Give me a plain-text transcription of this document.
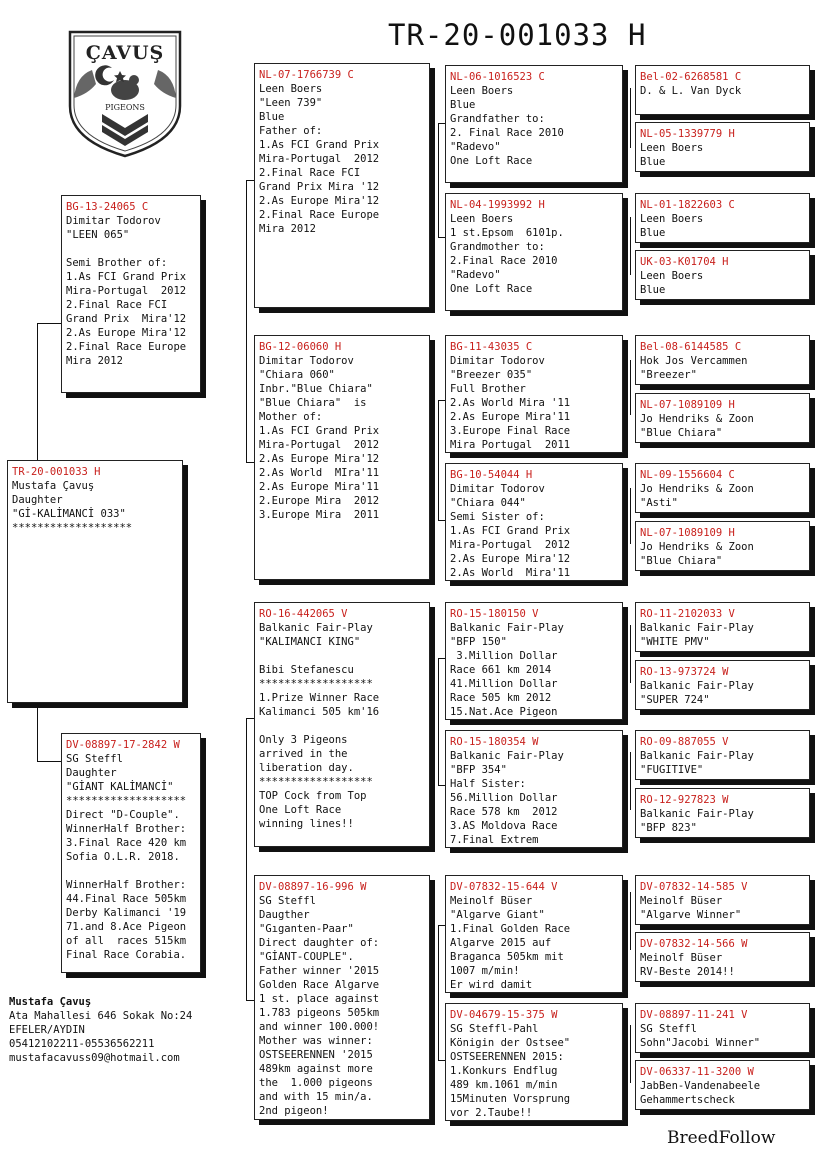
TR-20-001033 H
ÇAVUŞ
PIGEONS
TR-20-001033 H
Mustafa Çavuş
Daughter
"Gİ-KALİMANCİ 033"
*******************
BG-13-24065 C
Dimitar Todorov
"LEEN 065"

Semi Brother of:
1.As FCI Grand Prix
Mira-Portugal  2012
2.Final Race FCI
Grand Prix  Mira'12
2.As Europe Mira'12
2.Final Race Europe
Mira 2012
DV-08897-17-2842 W
SG Steffl
Daughter
"GİANT KALİMANCİ"
*******************
Direct "D-Couple".
WinnerHalf Brother:
3.Final Race 420 km
Sofia O.L.R. 2018.

WinnerHalf Brother:
44.Final Race 505km
Derby Kalimanci '19
71.and 8.Ace Pigeon
of all  races 515km
Final Race Corabia.
NL-07-1766739 C
Leen Boers
"Leen 739"
Blue
Father of:
1.As FCI Grand Prix
Mira-Portugal  2012
2.Final Race FCI
Grand Prix Mira '12
2.As Europe Mira'12
2.Final Race Europe
Mira 2012
BG-12-06060 H
Dimitar Todorov
"Chiara 060"
Inbr."Blue Chiara"
"Blue Chiara"  is
Mother of:
1.As FCI Grand Prix
Mira-Portugal  2012
2.As Europe Mira'12
2.As World  MIra'11
2.As Europe Mira'11
2.Europe Mira  2012
3.Europe Mira  2011
RO-16-442065 V
Balkanic Fair-Play
"KALIMANCI KING"

Bibi Stefanescu
******************
1.Prize Winner Race
Kalimanci 505 km'16

Only 3 Pigeons
arrived in the
liberation day.
******************
TOP Cock from Top
One Loft Race
winning lines!!
DV-08897-16-996 W
SG Steffl
Daugther
"Gıganten-Paar"
Direct daughter of:
"GİANT-COUPLE".
Father winner '2015
Golden Race Algarve
1 st. place against
1.783 pigeons 505km
and winner 100.000!
Mother was winner:
OSTSEERENNEN '2015
489km against more
the  1.000 pigeons
and with 15 min/a.
2nd pigeon!
NL-06-1016523 C
Leen Boers
Blue
Grandfather to:
2. Final Race 2010
"Radevo"
One Loft Race
NL-04-1993992 H
Leen Boers
1 st.Epsom  6101p.
Grandmother to:
2.Final Race 2010
"Radevo"
One Loft Race
BG-11-43035 C
Dimitar Todorov
"Breezer 035"
Full Brother
2.As World Mira '11
2.As Europe Mira'11
3.Europe Final Race
Mira Portugal  2011
BG-10-54044 H
Dimitar Todorov
"Chiara 044"
Semi Sister of:
1.As FCI Grand Prix
Mira-Portugal  2012
2.As Europe Mira'12
2.As World  Mira'11
RO-15-180150 V
Balkanic Fair-Play
"BFP 150"
3.Million Dollar
Race 661 km 2014
41.Million Dollar
Race 505 km 2012
15.Nat.Ace Pigeon
RO-15-180354 W
Balkanic Fair-Play
"BFP 354"
Half Sister:
56.Million Dollar
Race 578 km  2012
3.AS Moldova Race
7.Final Extrem
DV-07832-15-644 V
Meinolf Büser
"Algarve Giant"
1.Final Golden Race
Algarve 2015 auf
Braganca 505km mit
1007 m/min!
Er wird damit
DV-04679-15-375 W
SG Steffl-Pahl
Königin der Ostsee"
OSTSEERENNEN 2015:
1.Konkurs Endflug
489 km.1061 m/min
15Minuten Vorsprung
vor 2.Taube!!
Bel-02-6268581 C
D. & L. Van Dyck
NL-05-1339779 H
Leen Boers
Blue
NL-01-1822603 C
Leen Boers
Blue
UK-03-K01704 H
Leen Boers
Blue
Bel-08-6144585 C
Hok Jos Vercammen
"Breezer"
NL-07-1089109 H
Jo Hendriks & Zoon
"Blue Chiara"
NL-09-1556604 C
Jo Hendriks & Zoon
"Asti"
NL-07-1089109 H
Jo Hendriks & Zoon
"Blue Chiara"
RO-11-2102033 V
Balkanic Fair-Play
"WHITE PMV"
RO-13-973724 W
Balkanic Fair-Play
"SUPER 724"
RO-09-887055 V
Balkanic Fair-Play
"FUGITIVE"
RO-12-927823 W
Balkanic Fair-Play
"BFP 823"
DV-07832-14-585 V
Meinolf Büser
"Algarve Winner"
DV-07832-14-566 W
Meinolf Büser
RV-Beste 2014!!
DV-08897-11-241 V
SG Steffl
Sohn"Jacobi Winner"
DV-06337-11-3200 W
JabBen-Vandenabeele
Gehammertscheck
Mustafa Çavuş
Ata Mahallesi 646 Sokak No:24
EFELER/AYDIN
05412102211-05536562211
mustafacavuss09@hotmail.com
BreedFollow
